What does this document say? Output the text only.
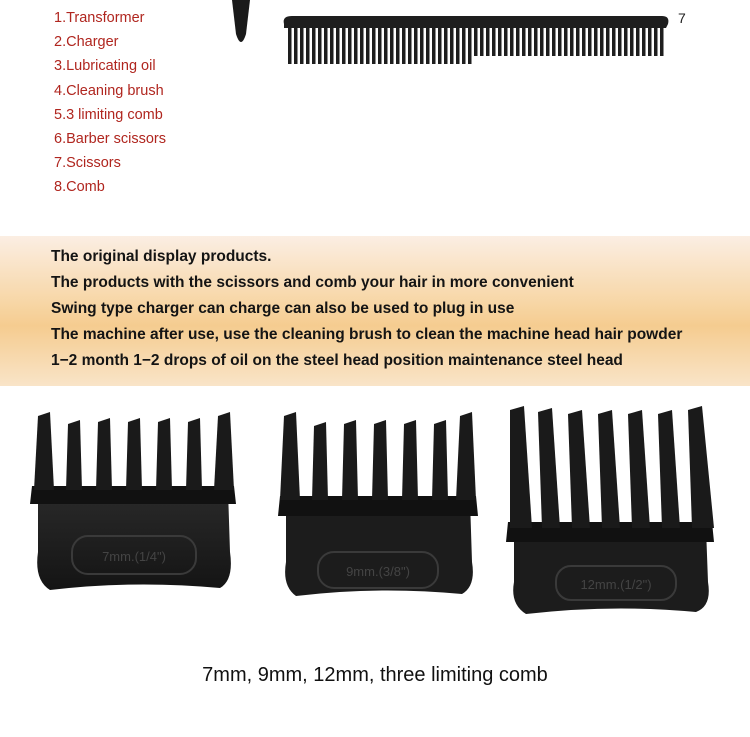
1.Transformer
2.Charger
3.Lubricating oil
4.Cleaning brush
5.3 limiting comb
6.Barber scissors
7.Scissors
8.Comb
7

The original display products.

The products with the scissors and comb your hair in more convenient

Swing type charger can charge can also be used to plug in use

The machine after use, use the cleaning brush to clean the machine head hair powder

1−2 month 1−2 drops of oil on the steel head position maintenance steel head

7mm.(1/4")
9mm.(3/8")
12mm.(1/2")
7mm, 9mm, 12mm, three limiting comb
